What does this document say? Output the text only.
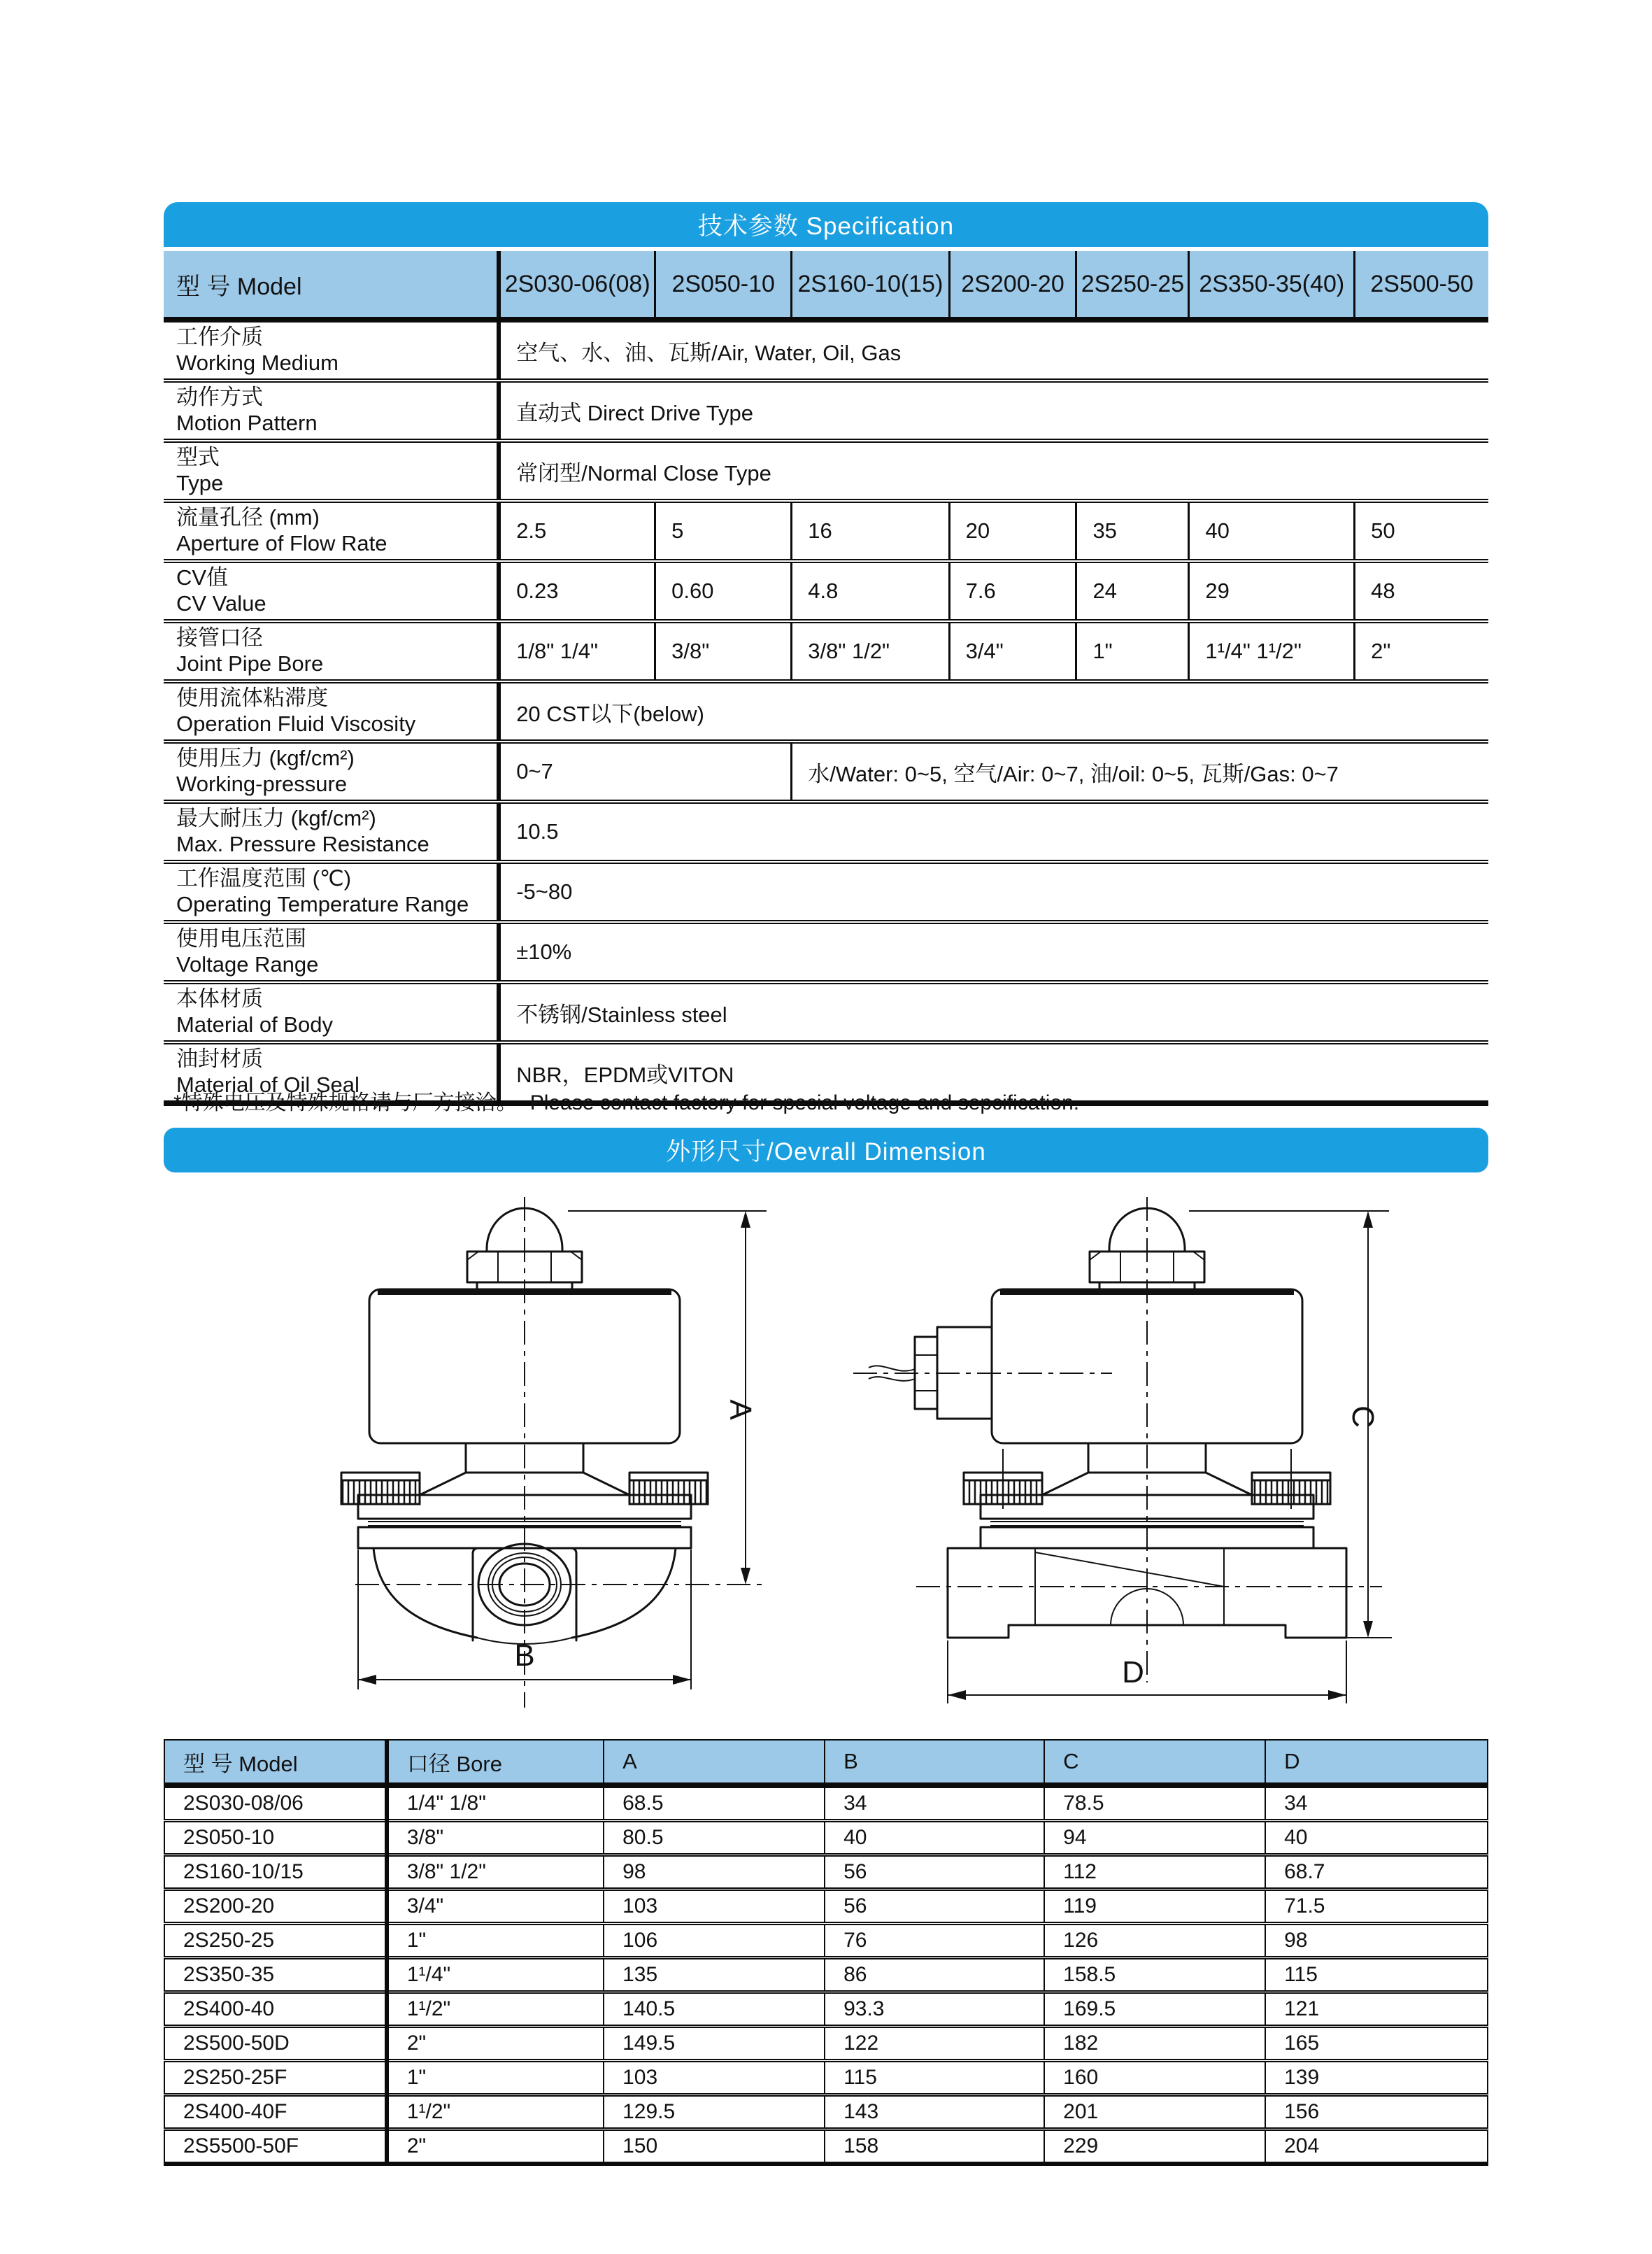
技术参数 Specification
型 号 Model	2S030-06(08)	2S050-10	2S160-10(15)	2S200-20	2S250-25	2S350-35(40)	2S500-50

工作介质
Working Medium	空气、水、油、瓦斯/Air, Water, Oil, Gas						

动作方式
Motion Pattern	直动式 Direct Drive Type						

型式
Type	常闭型/Normal Close Type						

流量孔径 (mm)
Aperture of Flow Rate	2.5	5	16	20	35	40	50

CV值
CV Value	0.23	0.60	4.8	7.6	24	29	48

接管口径
Joint Pipe Bore	1/8" 1/4"	3/8"	3/8" 1/2"	3/4"	1"	1¹/4" 1¹/2"	2"

使用流体粘滞度
Operation Fluid Viscosity	20 CST以下(below)						

使用压力 (kgf/cm²)
Working-pressure	0~7		水/Water: 0~5, 空气/Air: 0~7, 油/oil: 0~5, 瓦斯/Gas: 0~7				

最大耐压力 (kgf/cm²)
Max. Pressure Resistance	10.5						

工作温度范围 (℃)
Operating Temperature Range	-5~80						

使用电压范围
Voltage Range	±10%						

本体材质
Material of Body	不锈钢/Stainless steel						

油封材质
Material of Oil Seal	NBR，EPDM或VITON						
*特殊电压及特殊规格请与厂方接洽。 Please contact factory for special voltage and sepcification.
外形尺寸/Oevrall Dimension
A
B
C
D
型 号 Model	口径 Bore	A	B	C	D
2S030-08/06	1/4" 1/8"	68.5	34	78.5	34
2S050-10	3/8"	80.5	40	94	40
2S160-10/15	3/8" 1/2"	98	56	112	68.7
2S200-20	3/4"	103	56	119	71.5
2S250-25	1"	106	76	126	98
2S350-35	1¹/4"	135	86	158.5	115
2S400-40	1¹/2"	140.5	93.3	169.5	121
2S500-50D	2"	149.5	122	182	165
2S250-25F	1"	103	115	160	139
2S400-40F	1¹/2"	129.5	143	201	156
2S5500-50F	2"	150	158	229	204
